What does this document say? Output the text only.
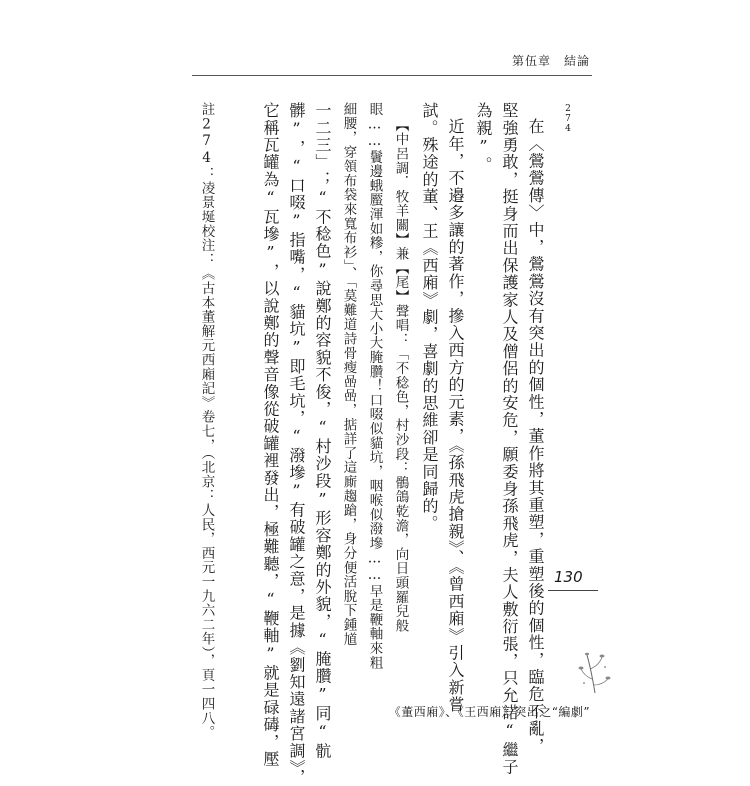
第伍章　結論
在〈鶯鶯傳〉中，鶯鶯沒有突出的個性，董作將其重塑，重塑後的個性，臨危不亂，
堅強勇敢，挺身而出保護家人及僧侶的安危，願委身孫飛虎，夫人敷衍張，只允諾“繼子
為親”。	274
近年，不邉多讓的著作，摻入西方的元素，《孫飛虎搶親》、《曾西廂》引入新嘗
試。殊途的董、王《西廂》劇，喜劇的思維卻是同歸的。
【中呂調．牧羊關】兼【尾】聲唱：「不稔色，村沙段：鶻鴿乾澹，向日頭羅兒般
眼……鬢邊蛾蟨渾如糝，你尋思大小大腌臢！口啜似貓坑，咽喉似潑墋……早是鞭軸來粗
細腰，穿領布袋來寬布衫」、「莫難道詩骨瘦喦喦，掂詳了這廝趨蹌，身分便活脫下鍾馗
一二三」；“不稔色”說鄭的容貌不俊，“村沙段”形容鄭的外貌，“腌臢”同“骯
髒”，“口啜”指嘴，“貓坑”即毛坑，“潑墋”有破罐之意，是據《劉知遠諸宮調》，
它稱瓦罐為“瓦墋”，以說鄭的聲音像從破罐裡發出，極難聽，“鞭軸”就是碌碡，壓
註274：凌景埏校注：《古本董解元西廂記》卷七，（北京：人民，西元一九六二年），頁一四八。	130
《董西廂》、《王西廂》突出之“編劇”
